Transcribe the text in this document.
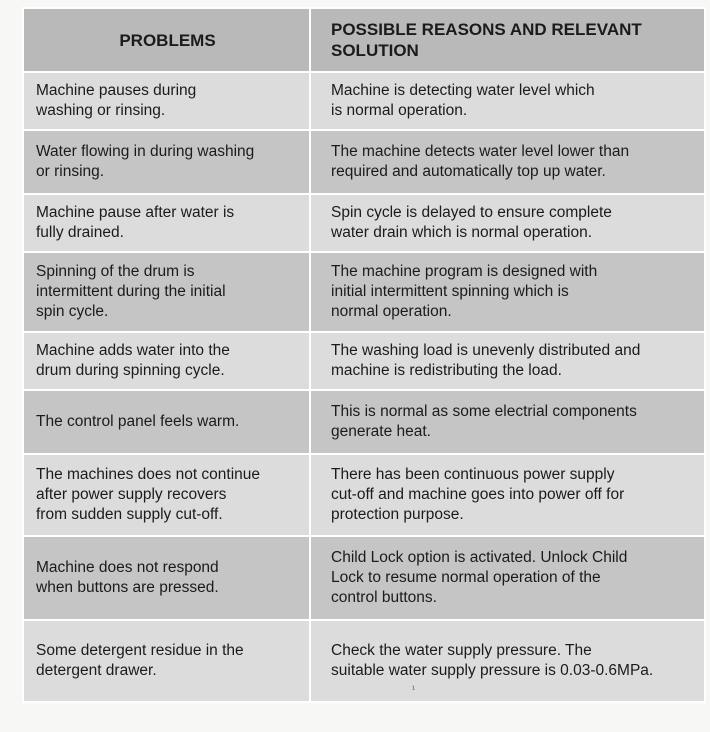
PROBLEMS	POSSIBLE REASONS AND RELEVANT
SOLUTION

Machine pauses during
washing or rinsing.	Machine is detecting water level which
is normal operation.

Water flowing in during washing
or rinsing.	The machine detects water level lower than
required and automatically top up water.

Machine pause after water is
fully drained.	Spin cycle is delayed to ensure complete
water drain which is normal operation.

Spinning of the drum is
intermittent during the initial
spin cycle.	The machine program is designed with
initial intermittent spinning which is
normal operation.

Machine adds water into the
drum during spinning cycle.	The washing load is unevenly distributed and
machine is redistributing the load.

The control panel feels warm.	This is normal as some electrial components
generate heat.

The machines does not continue
after power supply recovers
from sudden supply cut-off.	There has been continuous power supply
cut-off and machine goes into power off for
protection purpose.

Machine does not respond
when buttons are pressed.	Child Lock option is activated. Unlock Child
Lock to resume normal operation of the
control buttons.

Some detergent residue in the
detergent drawer.	Check the water supply pressure. The
suitable water supply pressure is 0.03-0.6MPa.
¹
